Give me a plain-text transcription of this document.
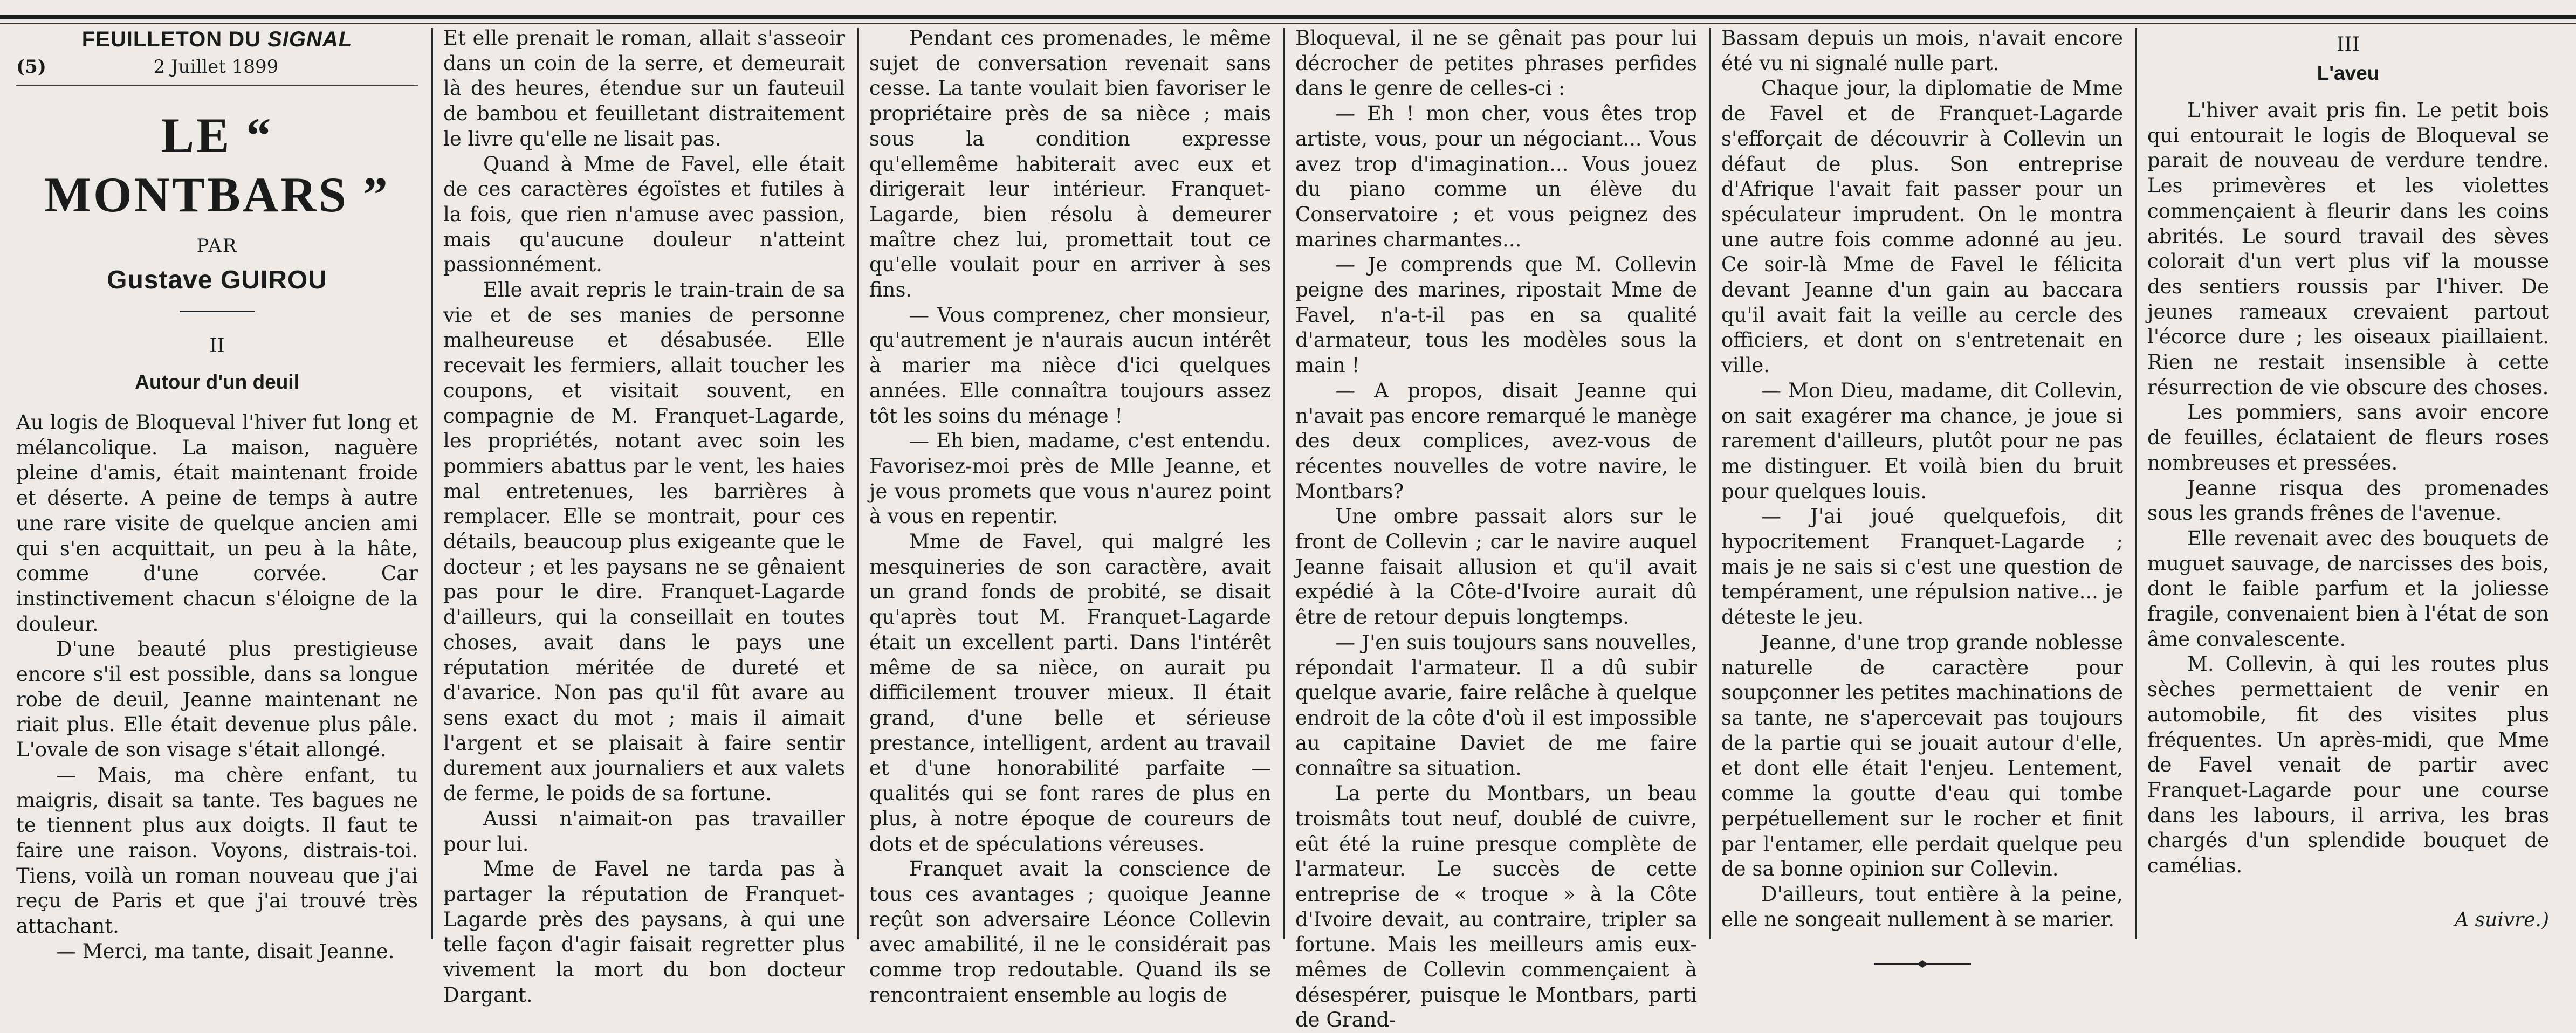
FEUILLETON DU SIGNAL
(5)	2 Juillet 1899
LE “ MONTBARS ”
PAR
Gustave GUIROU
II
Autour d'un deuil

Au logis de Bloqueval l'hiver fut long et mélancolique. La maison, naguère pleine d'amis, était maintenant froide et déserte. A peine de temps à autre une rare visite de quelque ancien ami qui s'en acquittait, un peu à la hâte, comme d'une corvée. Car instinctivement chacun s'éloigne de la douleur.

D'une beauté plus prestigieuse encore s'il est possible, dans sa longue robe de deuil, Jeanne maintenant ne riait plus. Elle était devenue plus pâle. L'ovale de son visage s'était allongé.

— Mais, ma chère enfant, tu maigris, disait sa tante. Tes bagues ne te tiennent plus aux doigts. Il faut te faire une raison. Voyons, distrais-toi. Tiens, voilà un roman nouveau que j'ai reçu de Paris et que j'ai trouvé très attachant.

— Merci, ma tante, disait Jeanne.

Et elle prenait le roman, allait s'asseoir dans un coin de la serre, et demeurait là des heures, étendue sur un fauteuil de bambou et feuilletant distraitement le livre qu'elle ne lisait pas.

Quand à Mme de Favel, elle était de ces caractères égoïstes et futiles à la fois, que rien n'amuse avec passion, mais qu'aucune douleur n'atteint passionnément.

Elle avait repris le train-train de sa vie et de ses manies de personne malheureuse et désabusée. Elle recevait les fermiers, allait toucher les coupons, et visitait souvent, en compagnie de M. Franquet-Lagarde, les propriétés, notant avec soin les pommiers abattus par le vent, les haies mal entretenues, les barrières à remplacer. Elle se montrait, pour ces détails, beaucoup plus exigeante que le docteur ; et les paysans ne se gênaient pas pour le dire. Franquet-Lagarde d'ailleurs, qui la conseillait en toutes choses, avait dans le pays une réputation méritée de dureté et d'avarice. Non pas qu'il fût avare au sens exact du mot ; mais il aimait l'argent et se plaisait à faire sentir durement aux journaliers et aux valets de ferme, le poids de sa fortune.

Aussi n'aimait-on pas travailler pour lui.

Mme de Favel ne tarda pas à partager la réputation de Franquet-Lagarde près des paysans, à qui une telle façon d'agir faisait regretter plus vivement la mort du bon docteur Dargant.

Pendant ces promenades, le même sujet de conversation revenait sans cesse. La tante voulait bien favoriser le propriétaire près de sa nièce ; mais sous la condition expresse qu'ellemême habiterait avec eux et dirigerait leur intérieur. Franquet-Lagarde, bien résolu à demeurer maître chez lui, promettait tout ce qu'elle voulait pour en arriver à ses fins.

— Vous comprenez, cher monsieur, qu'autrement je n'aurais aucun intérêt à marier ma nièce d'ici quelques années. Elle connaîtra toujours assez tôt les soins du ménage !

— Eh bien, madame, c'est entendu. Favorisez-moi près de Mlle Jeanne, et je vous promets que vous n'aurez point à vous en repentir.

Mme de Favel, qui malgré les mesquineries de son caractère, avait un grand fonds de probité, se disait qu'après tout M. Franquet-Lagarde était un excellent parti. Dans l'intérêt même de sa nièce, on aurait pu difficilement trouver mieux. Il était grand, d'une belle et sérieuse prestance, intelligent, ardent au travail et d'une honorabilité parfaite — qualités qui se font rares de plus en plus, à notre époque de coureurs de dots et de spéculations véreuses.

Franquet avait la conscience de tous ces avantages ; quoique Jeanne reçût son adversaire Léonce Collevin avec amabilité, il ne le considérait pas comme trop redoutable. Quand ils se rencontraient ensemble au logis de

Bloqueval, il ne se gênait pas pour lui décrocher de petites phrases perfides dans le genre de celles-ci :

— Eh ! mon cher, vous êtes trop artiste, vous, pour un négociant... Vous avez trop d'imagination... Vous jouez du piano comme un élève du Conservatoire ; et vous peignez des marines charmantes...

— Je comprends que M. Collevin peigne des marines, ripostait Mme de Favel, n'a-t-il pas en sa qualité d'armateur, tous les modèles sous la main !

— A propos, disait Jeanne qui n'avait pas encore remarqué le manège des deux complices, avez-vous de récentes nouvelles de votre navire, le Montbars?

Une ombre passait alors sur le front de Collevin ; car le navire auquel Jeanne faisait allusion et qu'il avait expédié à la Côte-d'Ivoire aurait dû être de retour depuis longtemps.

— J'en suis toujours sans nouvelles, répondait l'armateur. Il a dû subir quelque avarie, faire relâche à quelque endroit de la côte d'où il est impossible au capitaine Daviet de me faire connaître sa situation.

La perte du Montbars, un beau troismâts tout neuf, doublé de cuivre, eût été la ruine presque complète de l'armateur. Le succès de cette entreprise de « troque » à la Côte d'Ivoire devait, au contraire, tripler sa fortune. Mais les meilleurs amis eux-mêmes de Collevin commençaient à désespérer, puisque le Montbars, parti de Grand-

Bassam depuis un mois, n'avait encore été vu ni signalé nulle part.

Chaque jour, la diplomatie de Mme de Favel et de Franquet-Lagarde s'efforçait de découvrir à Collevin un défaut de plus. Son entreprise d'Afrique l'avait fait passer pour un spéculateur imprudent. On le montra une autre fois comme adonné au jeu. Ce soir-là Mme de Favel le félicita devant Jeanne d'un gain au baccara qu'il avait fait la veille au cercle des officiers, et dont on s'entretenait en ville.

— Mon Dieu, madame, dit Collevin, on sait exagérer ma chance, je joue si rarement d'ailleurs, plutôt pour ne pas me distinguer. Et voilà bien du bruit pour quelques louis.

— J'ai joué quelquefois, dit hypocritement Franquet-Lagarde ; mais je ne sais si c'est une question de tempérament, une répulsion native... je déteste le jeu.

Jeanne, d'une trop grande noblesse naturelle de caractère pour soupçonner les petites machinations de sa tante, ne s'apercevait pas toujours de la partie qui se jouait autour d'elle, et dont elle était l'enjeu. Lentement, comme la goutte d'eau qui tombe perpétuellement sur le rocher et finit par l'entamer, elle perdait quelque peu de sa bonne opinion sur Collevin.

D'ailleurs, tout entière à la peine, elle ne songeait nullement à se marier.

III
L'aveu

L'hiver avait pris fin. Le petit bois qui entourait le logis de Bloqueval se parait de nouveau de verdure tendre. Les primevères et les violettes commençaient à fleurir dans les coins abrités. Le sourd travail des sèves colorait d'un vert plus vif la mousse des sentiers roussis par l'hiver. De jeunes rameaux crevaient partout l'écorce dure ; les oiseaux piaillaient. Rien ne restait insensible à cette résurrection de vie obscure des choses.

Les pommiers, sans avoir encore de feuilles, éclataient de fleurs roses nombreuses et pressées.

Jeanne risqua des promenades sous les grands frênes de l'avenue.

Elle revenait avec des bouquets de muguet sauvage, de narcisses des bois, dont le faible parfum et la joliesse fragile, convenaient bien à l'état de son âme convalescente.

M. Collevin, à qui les routes plus sèches permettaient de venir en automobile, fit des visites plus fréquentes. Un après-midi, que Mme de Favel venait de partir avec Franquet-Lagarde pour une course dans les labours, il arriva, les bras chargés d'un splendide bouquet de camélias.

A suivre.)
